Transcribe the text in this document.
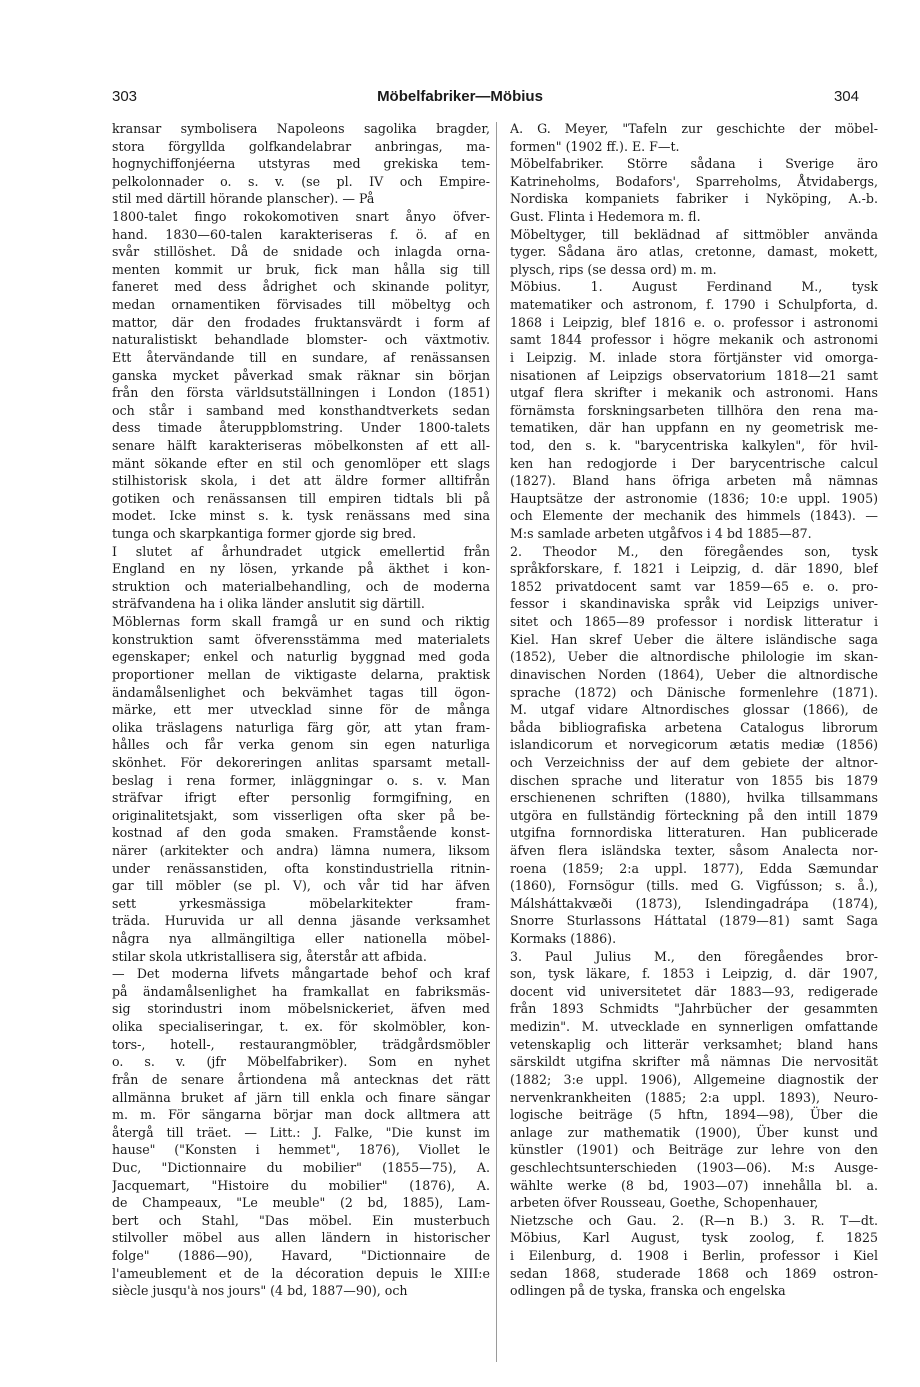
303	Möbelfabriker—Möbius	304
kransar symbolisera Napoleons sagolika bragder,
stora förgyllda golfkandelabrar anbringas, ma-
hognychiffonjéerna utstyras med grekiska tem-
pelkolonnader o. s. v. (se pl. IV och Empire-
stil med därtill hörande planscher). — På
1800-talet fingo rokokomotiven snart ånyo öfver-
hand. 1830—60-talen karakteriseras f. ö. af en
svår stillöshet. Då de snidade och inlagda orna-
menten kommit ur bruk, fick man hålla sig till
faneret med dess ådrighet och skinande polityr,
medan ornamentiken förvisades till möbeltyg och
mattor, där den frodades fruktansvärdt i form af
naturalistiskt behandlade blomster- och växtmotiv.
Ett återvändande till en sundare, af renässansen
ganska mycket påverkad smak räknar sin början
från den första världsutställningen i London (1851)
och står i samband med konsthandtverkets sedan
dess timade återuppblomstring. Under 1800-talets
senare hälft karakteriseras möbelkonsten af ett all-
mänt sökande efter en stil och genomlöper ett slags
stilhistorisk skola, i det att äldre former alltifrån
gotiken och renässansen till empiren tidtals bli på
modet. Icke minst s. k. tysk renässans med sina
tunga och skarpkantiga former gjorde sig bred.
I slutet af århundradet utgick emellertid från
England en ny lösen, yrkande på äkthet i kon-
struktion och materialbehandling, och de moderna
sträfvandena ha i olika länder anslutit sig därtill.
Möblernas form skall framgå ur en sund och riktig
konstruktion samt öfverensstämma med materialets
egenskaper; enkel och naturlig byggnad med goda
proportioner mellan de viktigaste delarna, praktisk
ändamålsenlighet och bekvämhet tagas till ögon-
märke, ett mer utvecklad sinne för de många
olika träslagens naturliga färg gör, att ytan fram-
hålles och får verka genom sin egen naturliga
skönhet. För dekoreringen anlitas sparsamt metall-
beslag i rena former, inläggningar o. s. v. Man
sträfvar ifrigt efter personlig formgifning, en
originalitetsjakt, som visserligen ofta sker på be-
kostnad af den goda smaken. Framstående konst-
närer (arkitekter och andra) lämna numera, liksom
under renässanstiden, ofta konstindustriella ritnin-
gar till möbler (se pl. V), och vår tid har äfven
sett yrkesmässiga möbelarkitekter fram-
träda. Huruvida ur all denna jäsande verksamhet
några nya allmängiltiga eller nationella möbel-
stilar skola utkristallisera sig, återstår att afbida.
— Det moderna lifvets mångartade behof och kraf
på ändamålsenlighet ha framkallat en fabriksmäs-
sig storindustri inom möbelsnickeriet, äfven med
olika specialiseringar, t. ex. för skolmöbler, kon-
tors-, hotell-, restaurangmöbler, trädgårdsmöbler
o. s. v. (jfr Möbelfabriker). Som en nyhet
från de senare årtiondena må antecknas det rätt
allmänna bruket af järn till enkla och finare sängar
m. m. För sängarna börjar man dock alltmera att
återgå till träet. — Litt.: J. Falke, "Die kunst im
hause" ("Konsten i hemmet", 1876), Viollet le
Duc, "Dictionnaire du mobilier" (1855—75), A.
Jacquemart, "Histoire du mobilier" (1876), A.
de Champeaux, "Le meuble" (2 bd, 1885), Lam-
bert och Stahl, "Das möbel. Ein musterbuch
stilvoller möbel aus allen ländern in historischer
folge" (1886—90), Havard, "Dictionnaire de
l'ameublement et de la décoration depuis le XIII:e
siècle jusqu'à nos jours" (4 bd, 1887—90), och
A. G. Meyer, "Tafeln zur geschichte der möbel-
formen" (1902 ff.). E. F—t.
Möbelfabriker. Större sådana i Sverige äro
Katrineholms, Bodafors', Sparreholms, Åtvidabergs,
Nordiska kompaniets fabriker i Nyköping, A.-b.
Gust. Flinta i Hedemora m. fl.
Möbeltyger, till beklädnad af sittmöbler använda
tyger. Sådana äro atlas, cretonne, damast, mokett,
plysch, rips (se dessa ord) m. m.
Möbius. 1. August Ferdinand M., tysk
matematiker och astronom, f. 1790 i Schulpforta, d.
1868 i Leipzig, blef 1816 e. o. professor i astronomi
samt 1844 professor i högre mekanik och astronomi
i Leipzig. M. inlade stora förtjänster vid omorga-
nisationen af Leipzigs observatorium 1818—21 samt
utgaf flera skrifter i mekanik och astronomi. Hans
förnämsta forskningsarbeten tillhöra den rena ma-
tematiken, där han uppfann en ny geometrisk me-
tod, den s. k. "barycentriska kalkylen", för hvil-
ken han redogjorde i Der barycentrische calcul
(1827). Bland hans öfriga arbeten må nämnas
Hauptsätze der astronomie (1836; 10:e uppl. 1905)
och Elemente der mechanik des himmels (1843). —
M:s samlade arbeten utgåfvos i 4 bd 1885—87.
2. Theodor M., den föregåendes son, tysk
språkforskare, f. 1821 i Leipzig, d. där 1890, blef
1852 privatdocent samt var 1859—65 e. o. pro-
fessor i skandinaviska språk vid Leipzigs univer-
sitet och 1865—89 professor i nordisk litteratur i
Kiel. Han skref Ueber die ältere isländische saga
(1852), Ueber die altnordische philologie im skan-
dinavischen Norden (1864), Ueber die altnordische
sprache (1872) och Dänische formenlehre (1871).
M. utgaf vidare Altnordisches glossar (1866), de
båda bibliografiska arbetena Catalogus librorum
islandicorum et norvegicorum ætatis mediæ (1856)
och Verzeichniss der auf dem gebiete der altnor-
dischen sprache und literatur von 1855 bis 1879
erschienenen schriften (1880), hvilka tillsammans
utgöra en fullständig förteckning på den intill 1879
utgifna fornnordiska litteraturen. Han publicerade
äfven flera isländska texter, såsom Analecta nor-
roena (1859; 2:a uppl. 1877), Edda Sæmundar
(1860), Fornsögur (tills. med G. Vigfússon; s. å.),
Málsháttakvæði (1873), Islendingadrápa (1874),
Snorre Sturlassons Háttatal (1879—81) samt Saga
Kormaks (1886).
3. Paul Julius M., den föregåendes bror-
son, tysk läkare, f. 1853 i Leipzig, d. där 1907,
docent vid universitetet där 1883—93, redigerade
från 1893 Schmidts "Jahrbücher der gesammten
medizin". M. utvecklade en synnerligen omfattande
vetenskaplig och litterär verksamhet; bland hans
särskildt utgifna skrifter må nämnas Die nervosität
(1882; 3:e uppl. 1906), Allgemeine diagnostik der
nervenkrankheiten (1885; 2:a uppl. 1893), Neuro-
logische beiträge (5 hftn, 1894—98), Über die
anlage zur mathematik (1900), Über kunst und
künstler (1901) och Beiträge zur lehre von den
geschlechtsunterschieden (1903—06). M:s Ausge-
wählte werke (8 bd, 1903—07) innehålla bl. a.
arbeten öfver Rousseau, Goethe, Schopenhauer,
Nietzsche och Gau. 2. (R—n B.) 3. R. T—dt.
Möbius, Karl August, tysk zoolog, f. 1825
i Eilenburg, d. 1908 i Berlin, professor i Kiel
sedan 1868, studerade 1868 och 1869 ostron-
odlingen på de tyska, franska och engelska
